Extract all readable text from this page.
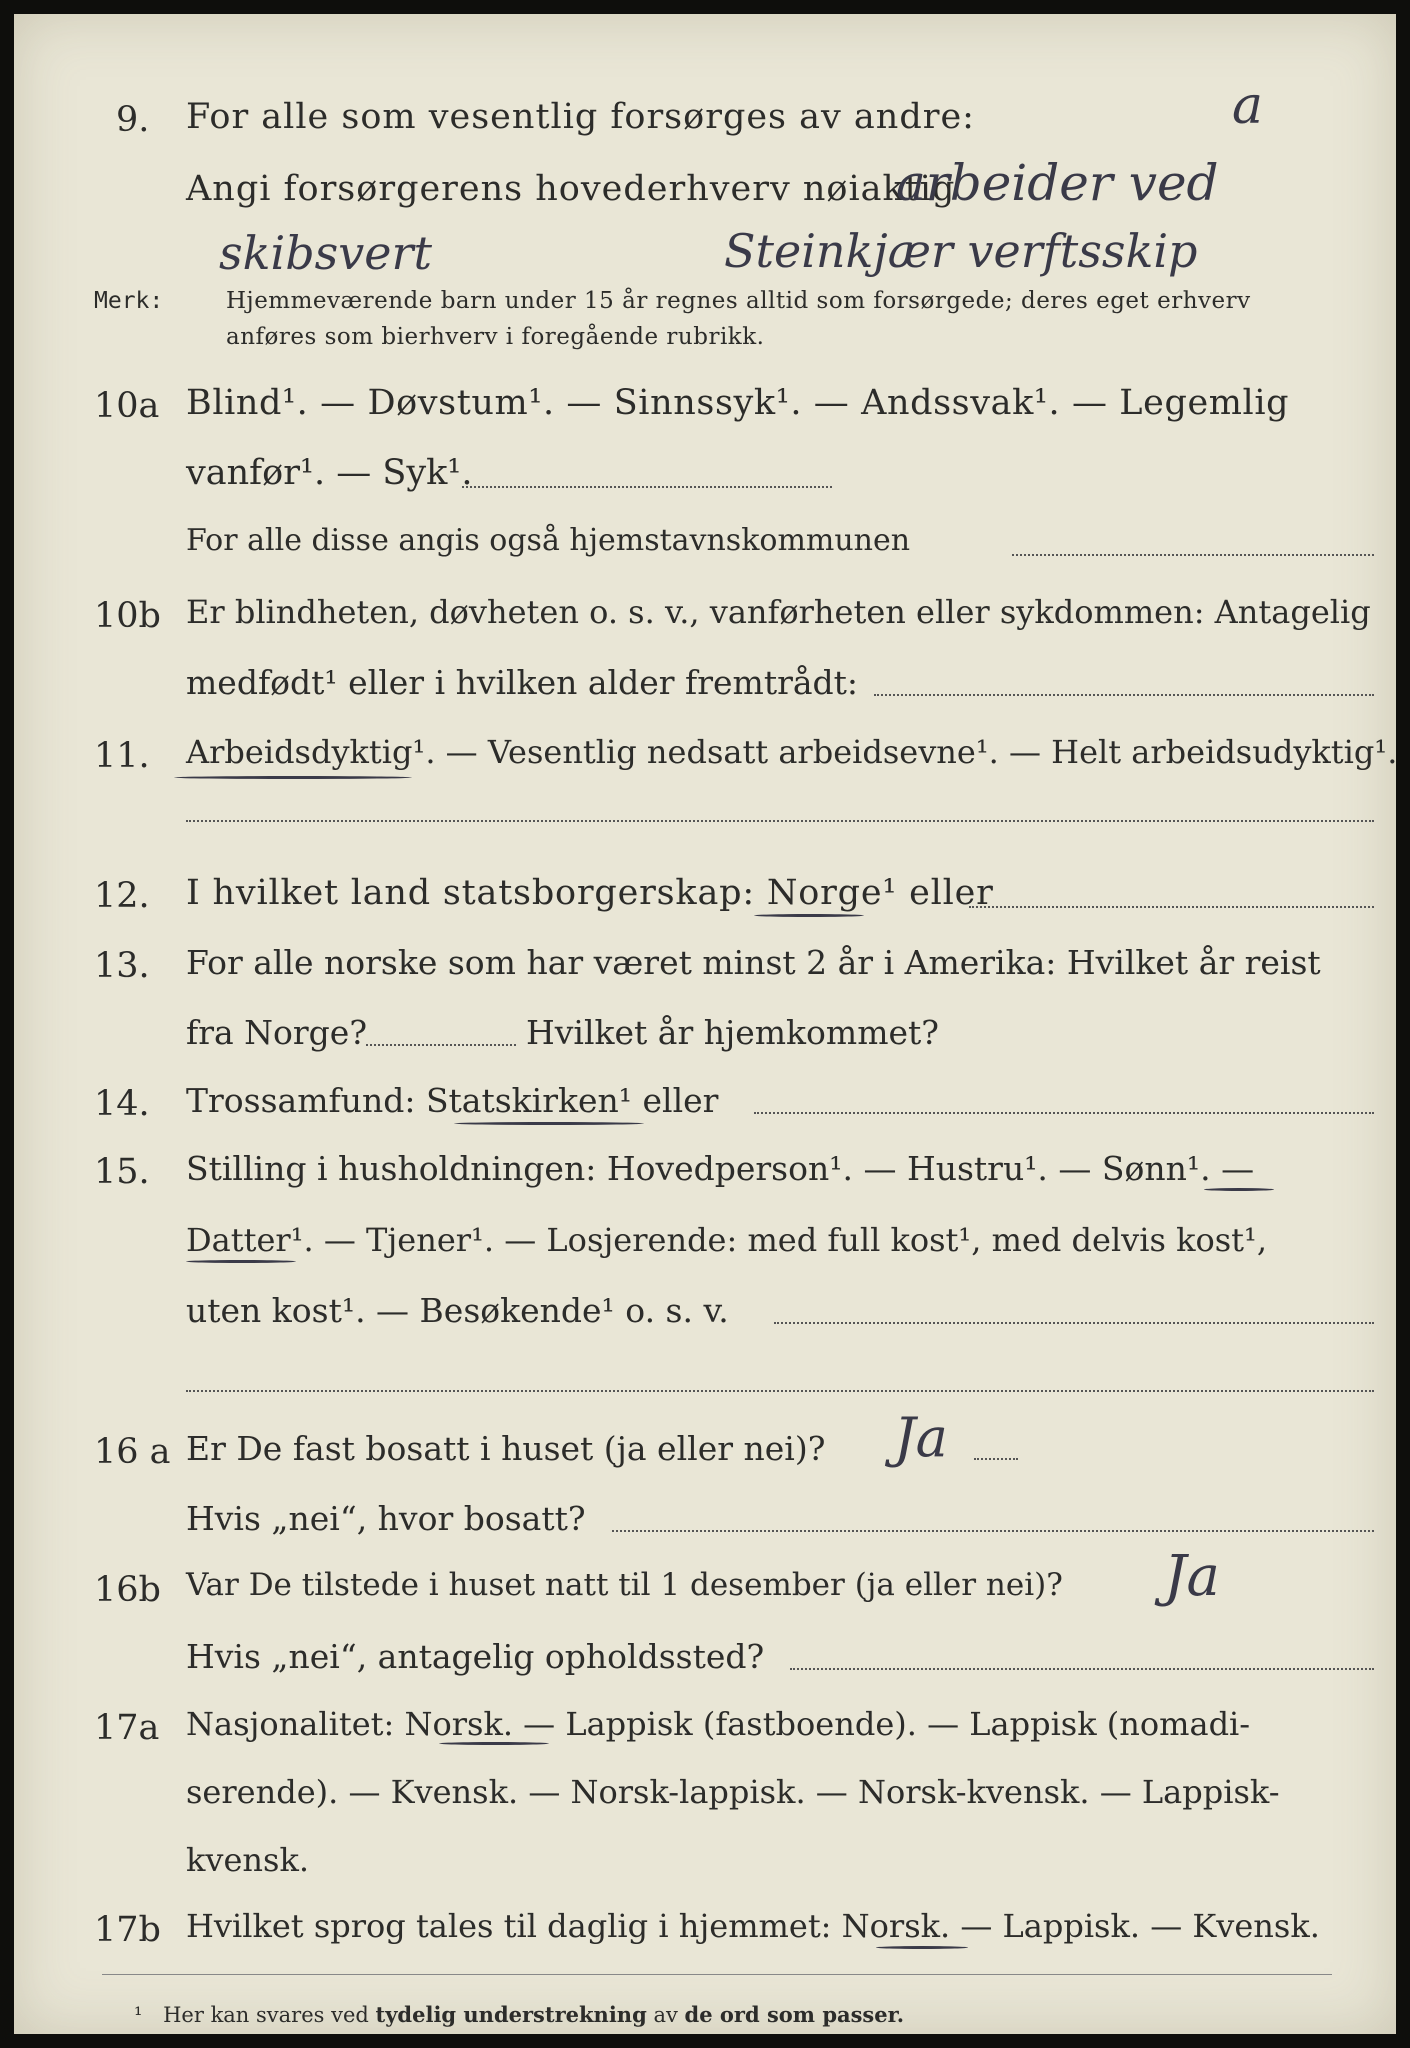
9. For alle som vesentlig forsørges av andre:	a
Angi forsørgerens hovederhverv nøiaktig
arbeider ved
skibsvert	Steinkjær verftsskip
Merk:	Hjemmeværende barn under 15 år regnes alltid som forsørgede; deres eget erhverv
anføres som bierhverv i foregående rubrikk.
10a Blind¹. — Døvstum¹. — Sinnssyk¹. — Andssvak¹. — Legemlig
vanfør¹. — Syk¹.
For alle disse angis også hjemstavnskommunen
10b Er blindheten, døvheten o. s. v., vanførheten eller sykdommen: Antagelig
medfødt¹ eller i hvilken alder fremtrådt:
11. Arbeidsdyktig¹. — Vesentlig nedsatt arbeidsevne¹. — Helt arbeidsudyktig¹.
12. I hvilket land statsborgerskap: Norge¹ eller
13. For alle norske som har været minst 2 år i Amerika: Hvilket år reist
fra Norge?	Hvilket år hjemkommet?
14. Trossamfund: Statskirken¹ eller
15. Stilling i husholdningen: Hovedperson¹. — Hustru¹. — Sønn¹. —
Datter¹. — Tjener¹. — Losjerende: med full kost¹, med delvis kost¹,
uten kost¹. — Besøkende¹ o. s. v.
16 a Er De fast bosatt i huset (ja eller nei)? Ja
Hvis „nei“, hvor bosatt?
16b Var De tilstede i huset natt til 1 desember (ja eller nei)? Ja
Hvis „nei“, antagelig opholdssted?
17a Nasjonalitet: Norsk. — Lappisk (fastboende). — Lappisk (nomadi-
serende). — Kvensk. — Norsk-lappisk. — Norsk-kvensk. — Lappisk-
kvensk.
17b Hvilket sprog tales til daglig i hjemmet: Norsk. — Lappisk. — Kvensk.
¹ Her kan svares ved tydelig understrekning av de ord som passer.
